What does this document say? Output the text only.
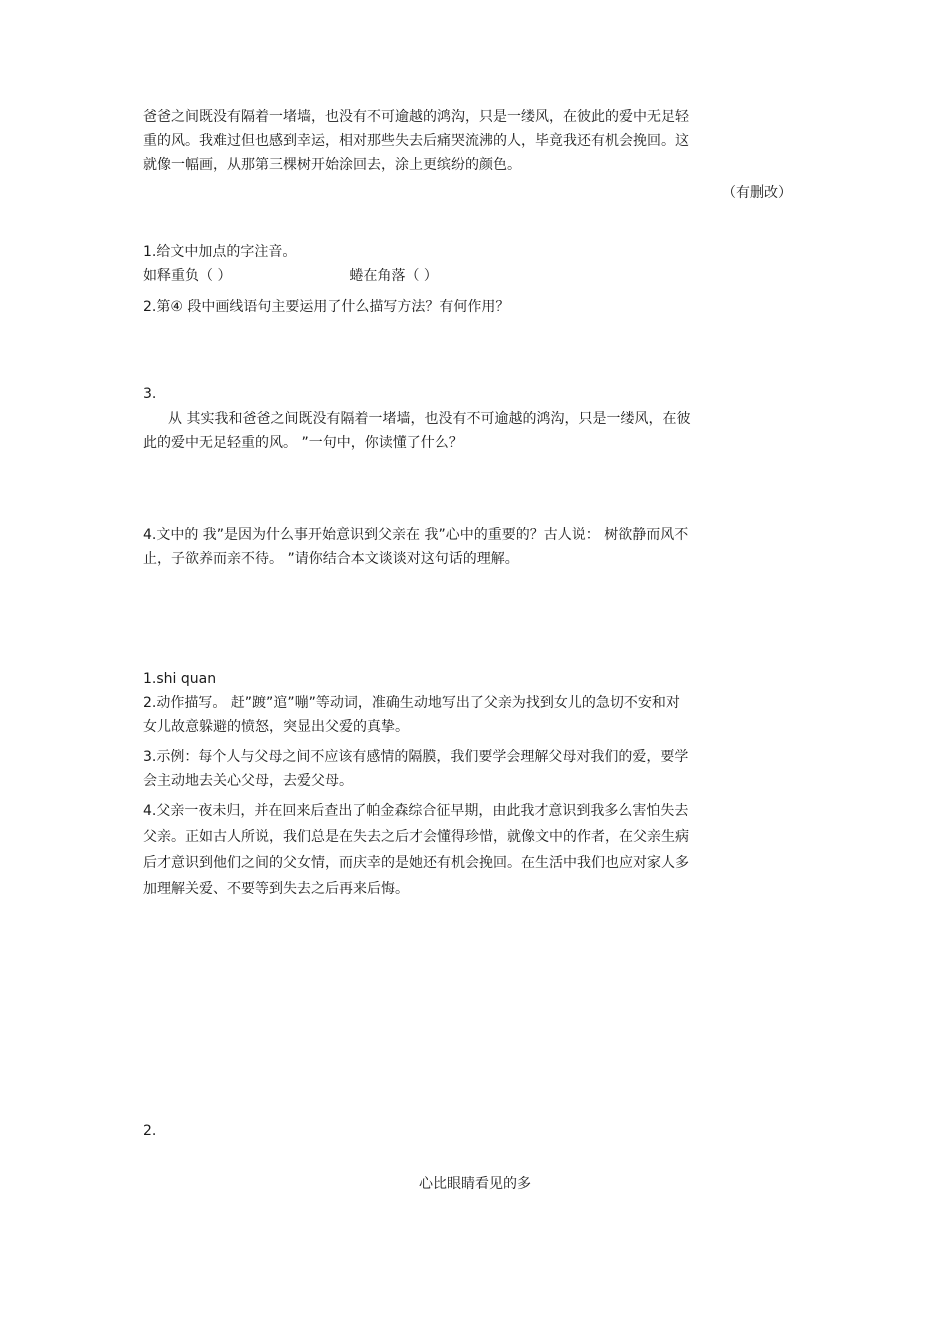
爸爸之间既没有隔着一堵墙，也没有不可逾越的鸿沟，只是一缕风，在彼此的爱中无足轻
重的风。我难过但也感到幸运，相对那些失去后痛哭流沸的人，毕竟我还有机会挽回。这
就像一幅画，从那第三棵树开始涂回去，涂上更缤纷的颜色。
（有删改）
1.给文中加点的字注音。
如释重负（ ）	蜷在角落（ ）
2.第④ 段中画线语句主要运用了什么描写方法？有何作用？
3.
从 其实我和爸爸之间既没有隔着一堵墙，也没有不可逾越的鸿沟，只是一缕风，在彼
此的爱中无足轻重的风。 ”一句中，你读懂了什么？
4.文中的 我”是因为什么事开始意识到父亲在 我”心中的重要的？古人说： 树欲静而风不
止，子欲养而亲不待。 ”请你结合本文谈谈对这句话的理解。
1.shi quan
2.动作描写。 赶”踱”逭”嘣”等动词，准确生动地写出了父亲为找到女儿的急切不安和对
女儿故意躲避的愤怒，突显出父爱的真挚。
3.示例：每个人与父母之间不应该有感情的隔膜，我们要学会理解父母对我们的爱，要学
会主动地去关心父母，去爱父母。
4.父亲一夜未归，并在回来后查出了帕金森综合征早期，由此我才意识到我多么害怕失去
父亲。正如古人所说，我们总是在失去之后才会懂得珍惜，就像文中的作者，在父亲生病
后才意识到他们之间的父女情，而庆幸的是她还有机会挽回。在生活中我们也应对家人多
加理解关爱、不要等到失去之后再来后悔。
2.
心比眼睛看见的多
